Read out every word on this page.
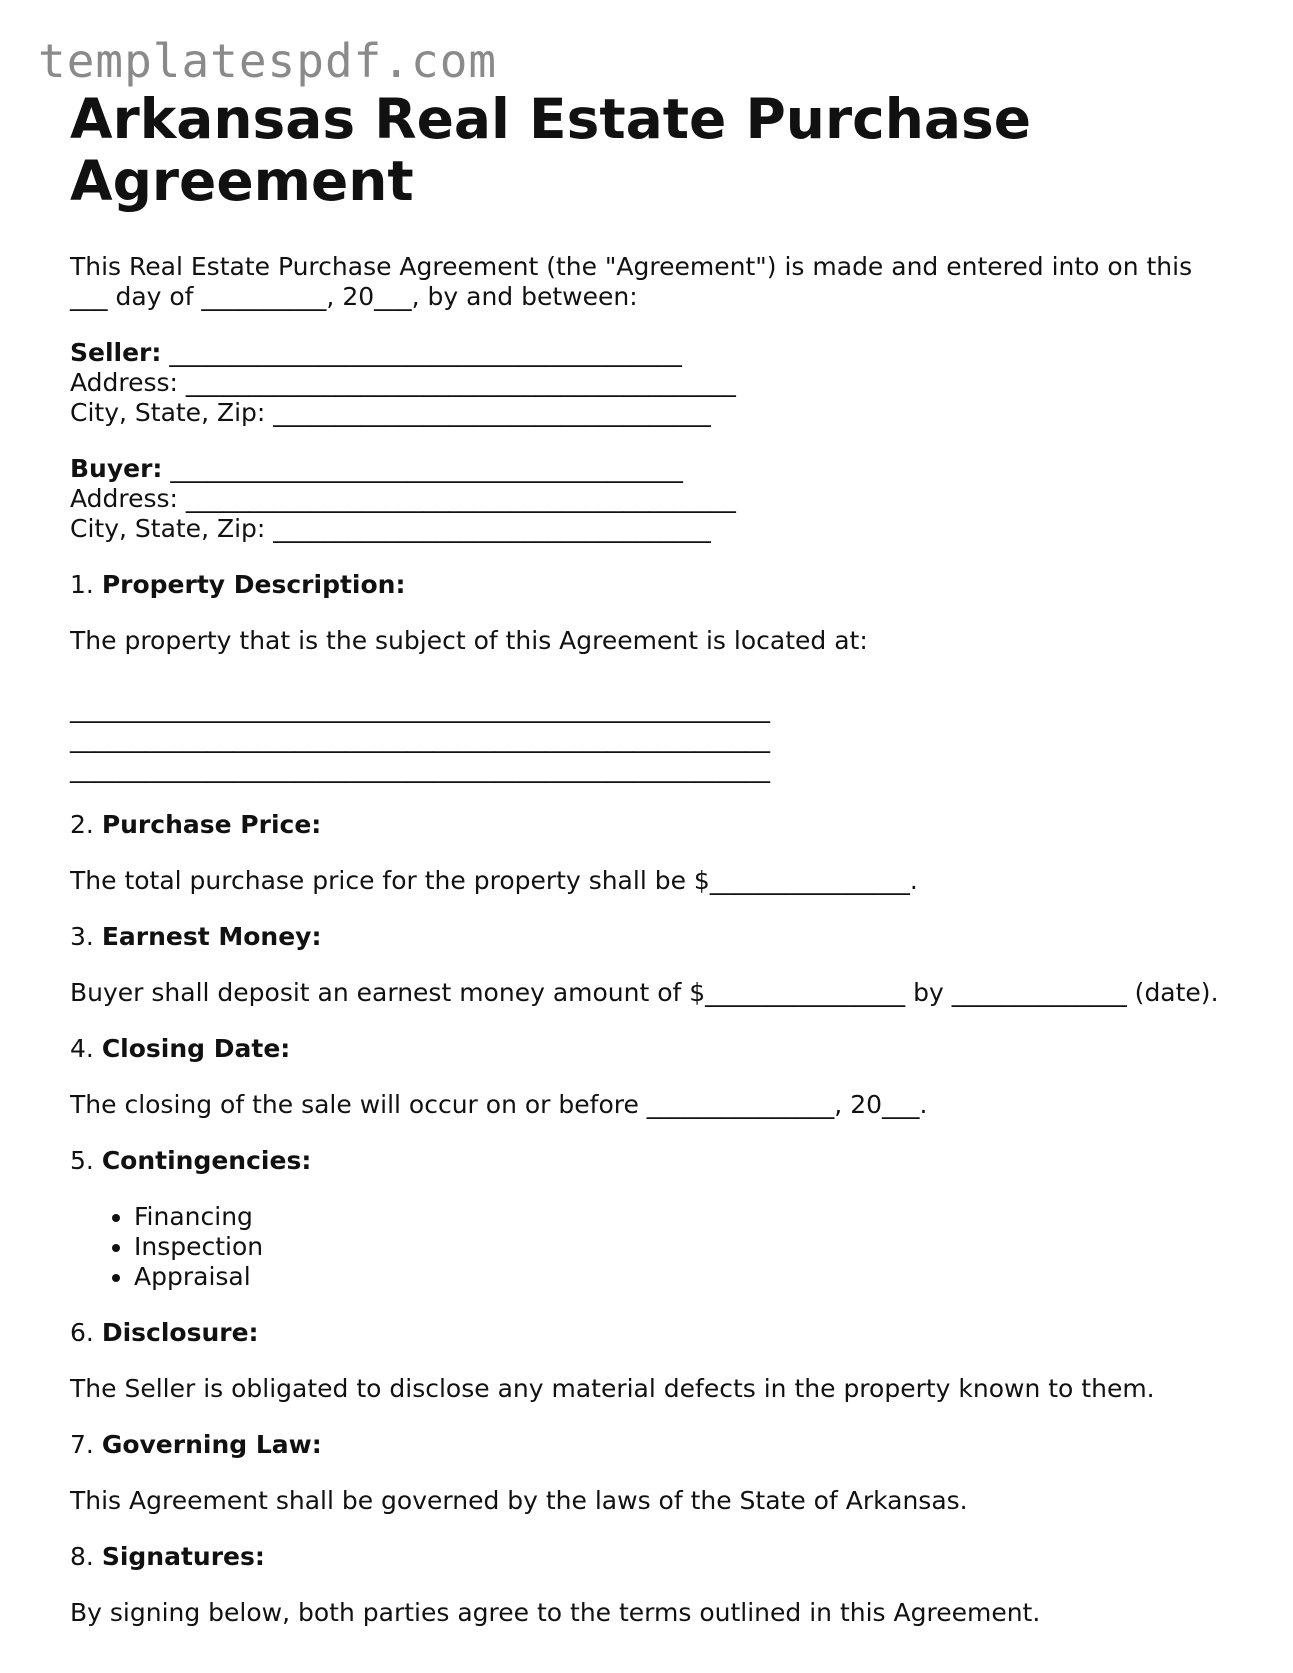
templatespdf.com
Arkansas Real Estate Purchase Agreement

This Real Estate Purchase Agreement (the "Agreement") is made and entered into on this ___ day of __________, 20___, by and between:

Seller: _________________________________________
Address: ____________________________________________
City, State, Zip: ___________________________________
Buyer: _________________________________________
Address: ____________________________________________
City, State, Zip: ___________________________________

1. Property Description:

The property that is the subject of this Agreement is located at:

________________________________________________________
________________________________________________________
________________________________________________________

2. Purchase Price:

The total purchase price for the property shall be $________________.

3. Earnest Money:

Buyer shall deposit an earnest money amount of $________________ by ______________ (date).

4. Closing Date:

The closing of the sale will occur on or before _______________, 20___.

5. Contingencies:

• Financing
• Inspection
• Appraisal

6. Disclosure:

The Seller is obligated to disclose any material defects in the property known to them.

7. Governing Law:

This Agreement shall be governed by the laws of the State of Arkansas.

8. Signatures:

By signing below, both parties agree to the terms outlined in this Agreement.
